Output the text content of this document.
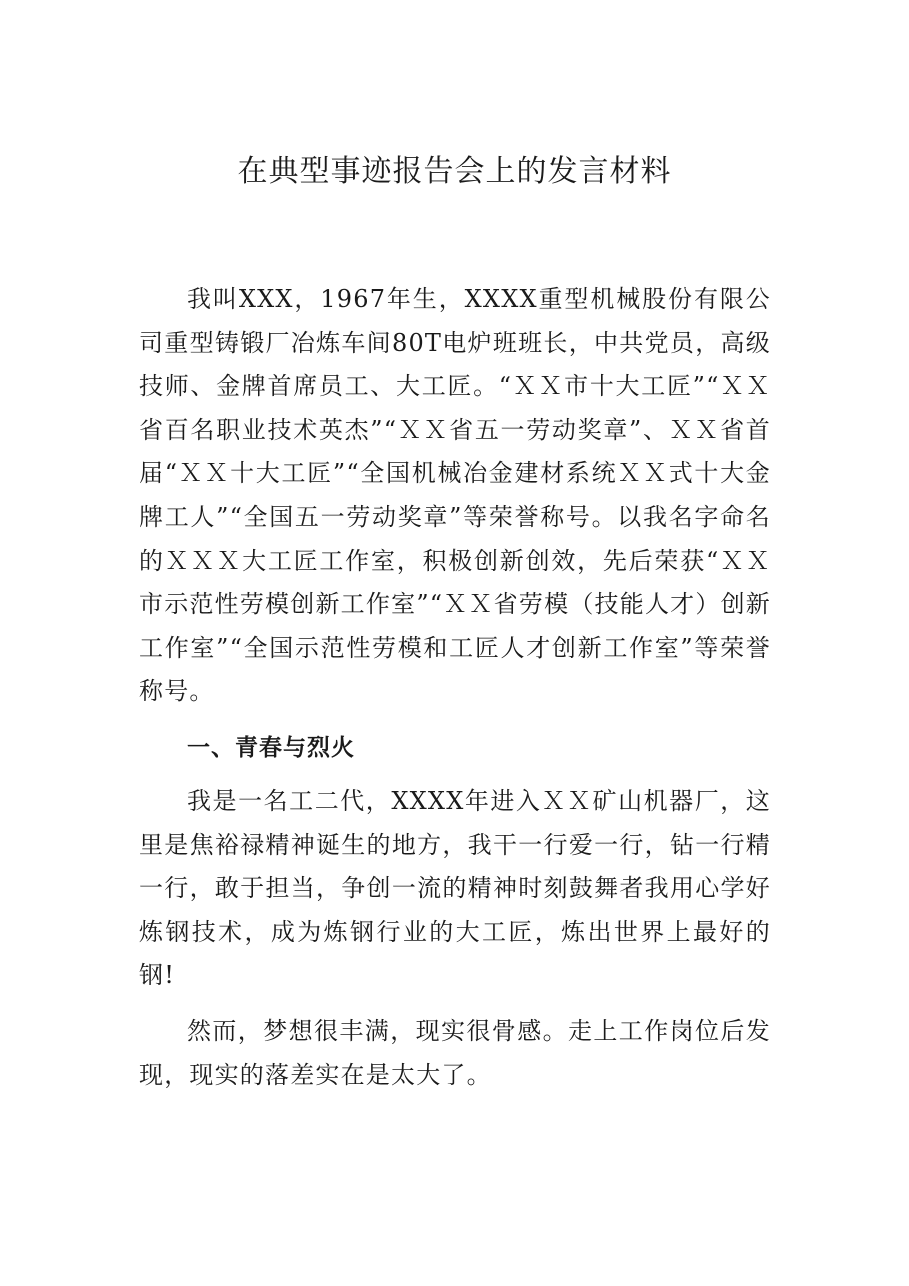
在典型事迹报告会上的发言材料

我叫XXX，1967年生，XXXX重型机械股份有限公司重型铸锻厂冶炼车间80T电炉班班长，中共党员，高级技师、金牌首席员工、大工匠。“ＸＸ市十大工匠”“ＸＸ省百名职业技术英杰”“ＸＸ省五一劳动奖章”、ＸＸ省首届“ＸＸ十大工匠”“全国机械冶金建材系统ＸＸ式十大金牌工人”“全国五一劳动奖章”等荣誉称号。以我名字命名的ＸＸＸ大工匠工作室，积极创新创效，先后荣获“ＸＸ市示范性劳模创新工作室”“ＸＸ省劳模（技能人才）创新工作室”“全国示范性劳模和工匠人才创新工作室”等荣誉称号。

一、青春与烈火

我是一名工二代，XXXX年进入ＸＸ矿山机器厂，这里是焦裕禄精神诞生的地方，我干一行爱一行，钻一行精一行，敢于担当，争创一流的精神时刻鼓舞者我用心学好炼钢技术，成为炼钢行业的大工匠，炼出世界上最好的钢!

然而，梦想很丰满，现实很骨感。走上工作岗位后发现，现实的落差实在是太大了。
